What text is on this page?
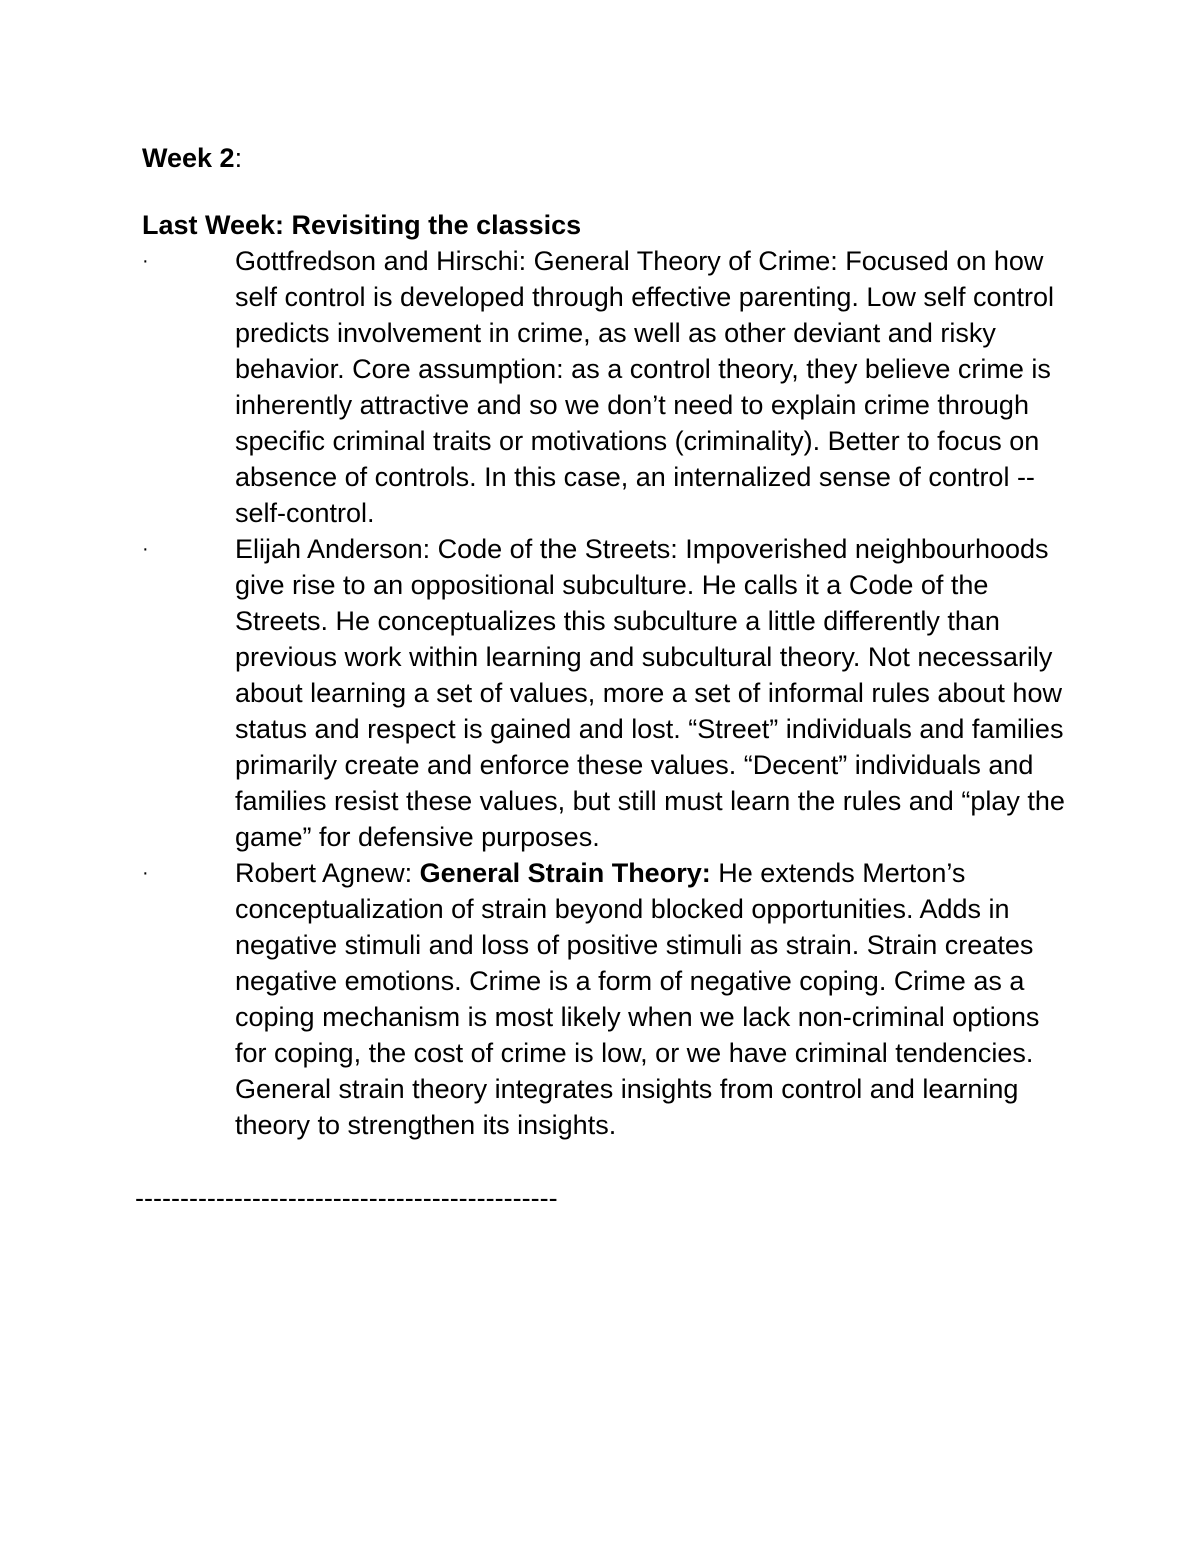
Week 2:

Last Week: Revisiting the classics

·	Gottfredson and Hirschi: General Theory of Crime: Focused on how self control is developed through effective parenting. Low self control predicts involvement in crime, as well as other deviant and risky behavior. Core assumption: as a control theory, they believe crime is inherently attractive and so we don’t need to explain crime through specific criminal traits or motivations (criminality). Better to focus on absence of controls. In this case, an internalized sense of control -- self-control.
·	Elijah Anderson: Code of the Streets: Impoverished neighbourhoods give rise to an oppositional subculture. He calls it a Code of the Streets. He conceptualizes this subculture a little differently than previous work within learning and subcultural theory. Not necessarily about learning a set of values, more a set of informal rules about how status and respect is gained and lost. “Street” individuals and families primarily create and enforce these values. “Decent” individuals and families resist these values, but still must learn the rules and “play the game” for defensive purposes.
·	Robert Agnew: General Strain Theory: He extends Merton’s conceptualization of strain beyond blocked opportunities. Adds in negative stimuli and loss of positive stimuli as strain. Strain creates negative emotions. Crime is a form of negative coping. Crime as a coping mechanism is most likely when we lack non-criminal options for coping, the cost of crime is low, or we have criminal tendencies. General strain theory integrates insights from control and learning theory to strengthen its insights.
-----------------------------------------------
